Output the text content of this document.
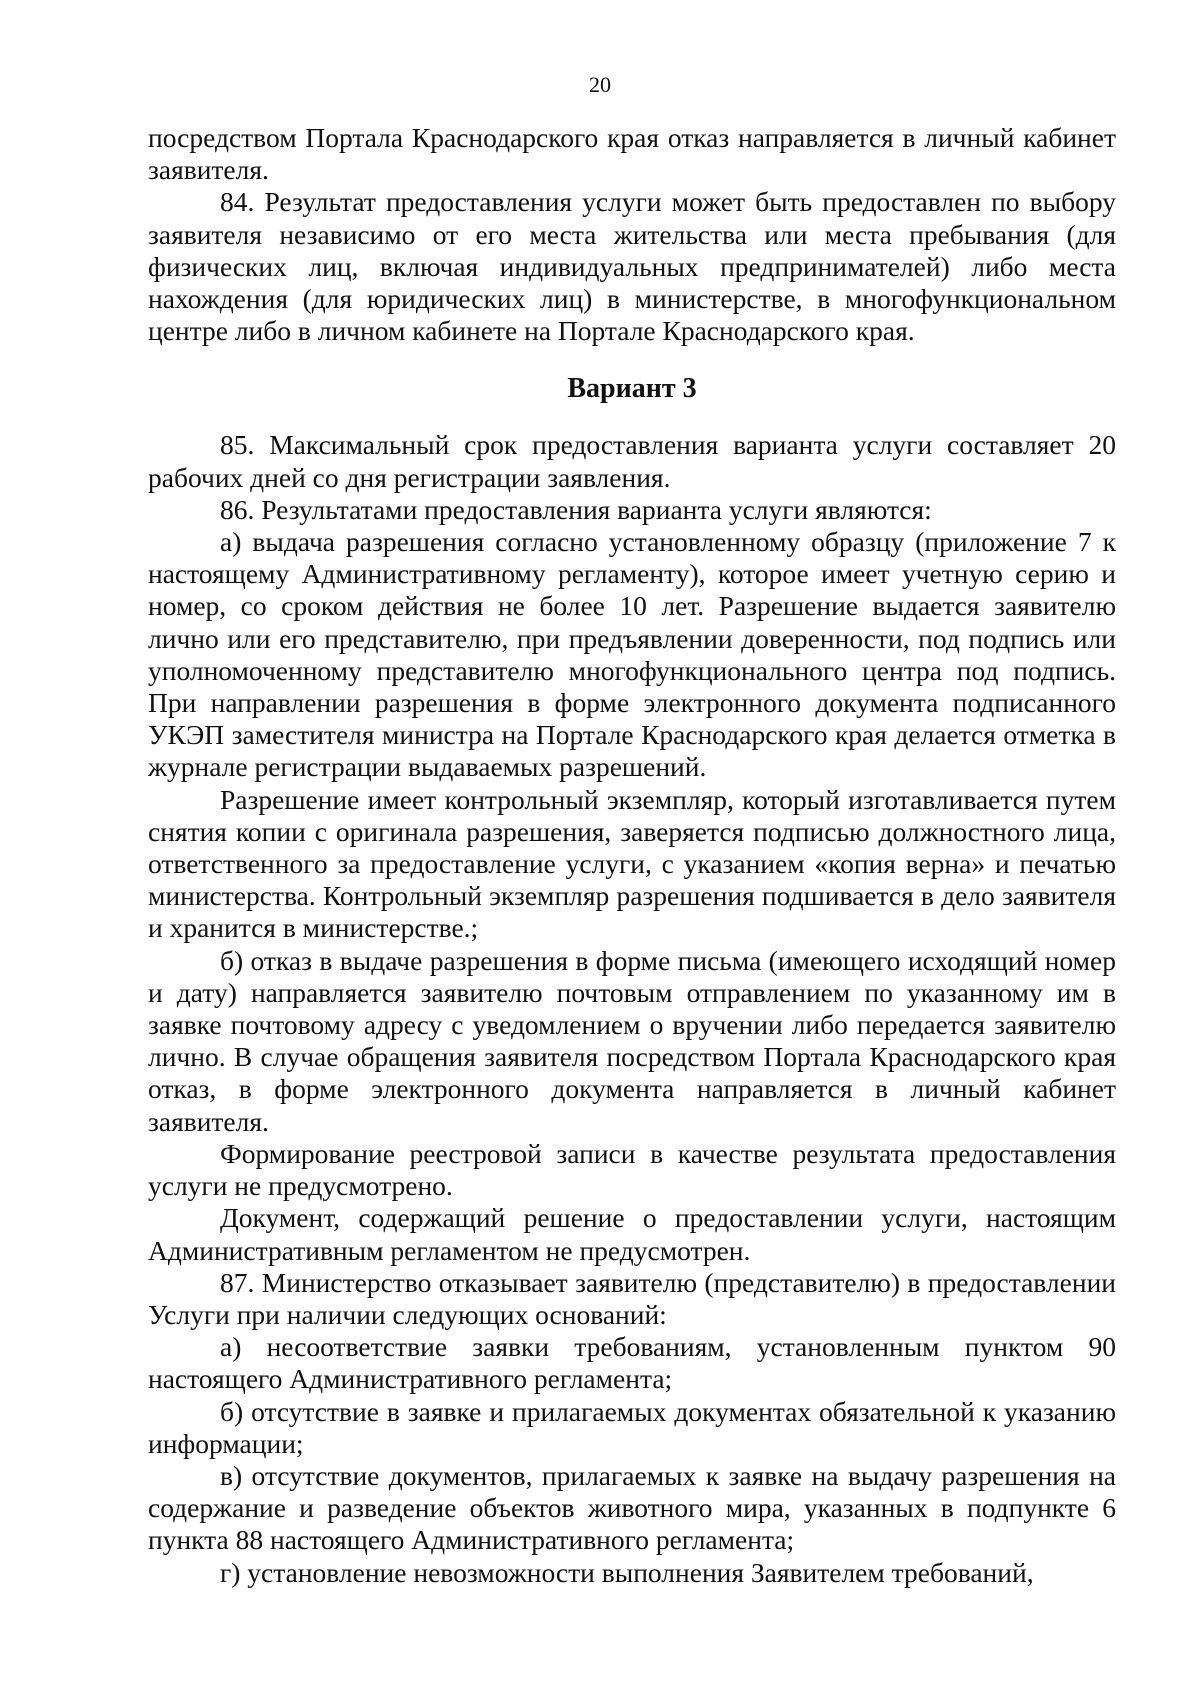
20

посредством Портала Краснодарского края отказ направляется в личный кабинет заявителя.

84. Результат предоставления услуги может быть предоставлен по выбору заявителя независимо от его места жительства или места пребывания (для физических лиц, включая индивидуальных предпринимателей) либо места нахождения (для юридических лиц) в министерстве, в многофункциональном центре либо в личном кабинете на Портале Краснодарского края.

Вариант 3

85. Максимальный срок предоставления варианта услуги составляет 20 рабочих дней со дня регистрации заявления.

86. Результатами предоставления варианта услуги являются:

а) выдача разрешения согласно установленному образцу (приложение 7 к настоящему Административному регламенту), которое имеет учетную серию и номер, со сроком действия не более 10 лет. Разрешение выдается заявителю лично или его представителю, при предъявлении доверенности, под подпись или уполномоченному представителю многофункционального центра под подпись. При направлении разрешения в форме электронного документа подписанного УКЭП заместителя министра на Портале Краснодарского края делается отметка в журнале регистрации выдаваемых разрешений.

Разрешение имеет контрольный экземпляр, который изготавливается путем снятия копии с оригинала разрешения, заверяется подписью должностного лица, ответственного за предоставление услуги, с указанием «копия верна» и печатью министерства. Контрольный экземпляр разрешения подшивается в дело заявителя и хранится в министерстве.;

б) отказ в выдаче разрешения в форме письма (имеющего исходящий номер и дату) направляется заявителю почтовым отправлением по указанному им в заявке почтовому адресу с уведомлением о вручении либо передается заявителю лично. В случае обращения заявителя посредством Портала Краснодарского края отказ, в форме электронного документа направляется в личный кабинет заявителя.

Формирование реестровой записи в качестве результата предоставления услуги не предусмотрено.

Документ, содержащий решение о предоставлении услуги, настоящим Административным регламентом не предусмотрен.

87. Министерство отказывает заявителю (представителю) в предоставлении Услуги при наличии следующих оснований:

а) несоответствие заявки требованиям, установленным пунктом 90 настоящего Административного регламента;

б) отсутствие в заявке и прилагаемых документах обязательной к указанию информации;

в) отсутствие документов, прилагаемых к заявке на выдачу разрешения на содержание и разведение объектов животного мира, указанных в подпункте 6 пункта 88 настоящего Административного регламента;

г) установление невозможности выполнения Заявителем требований,
